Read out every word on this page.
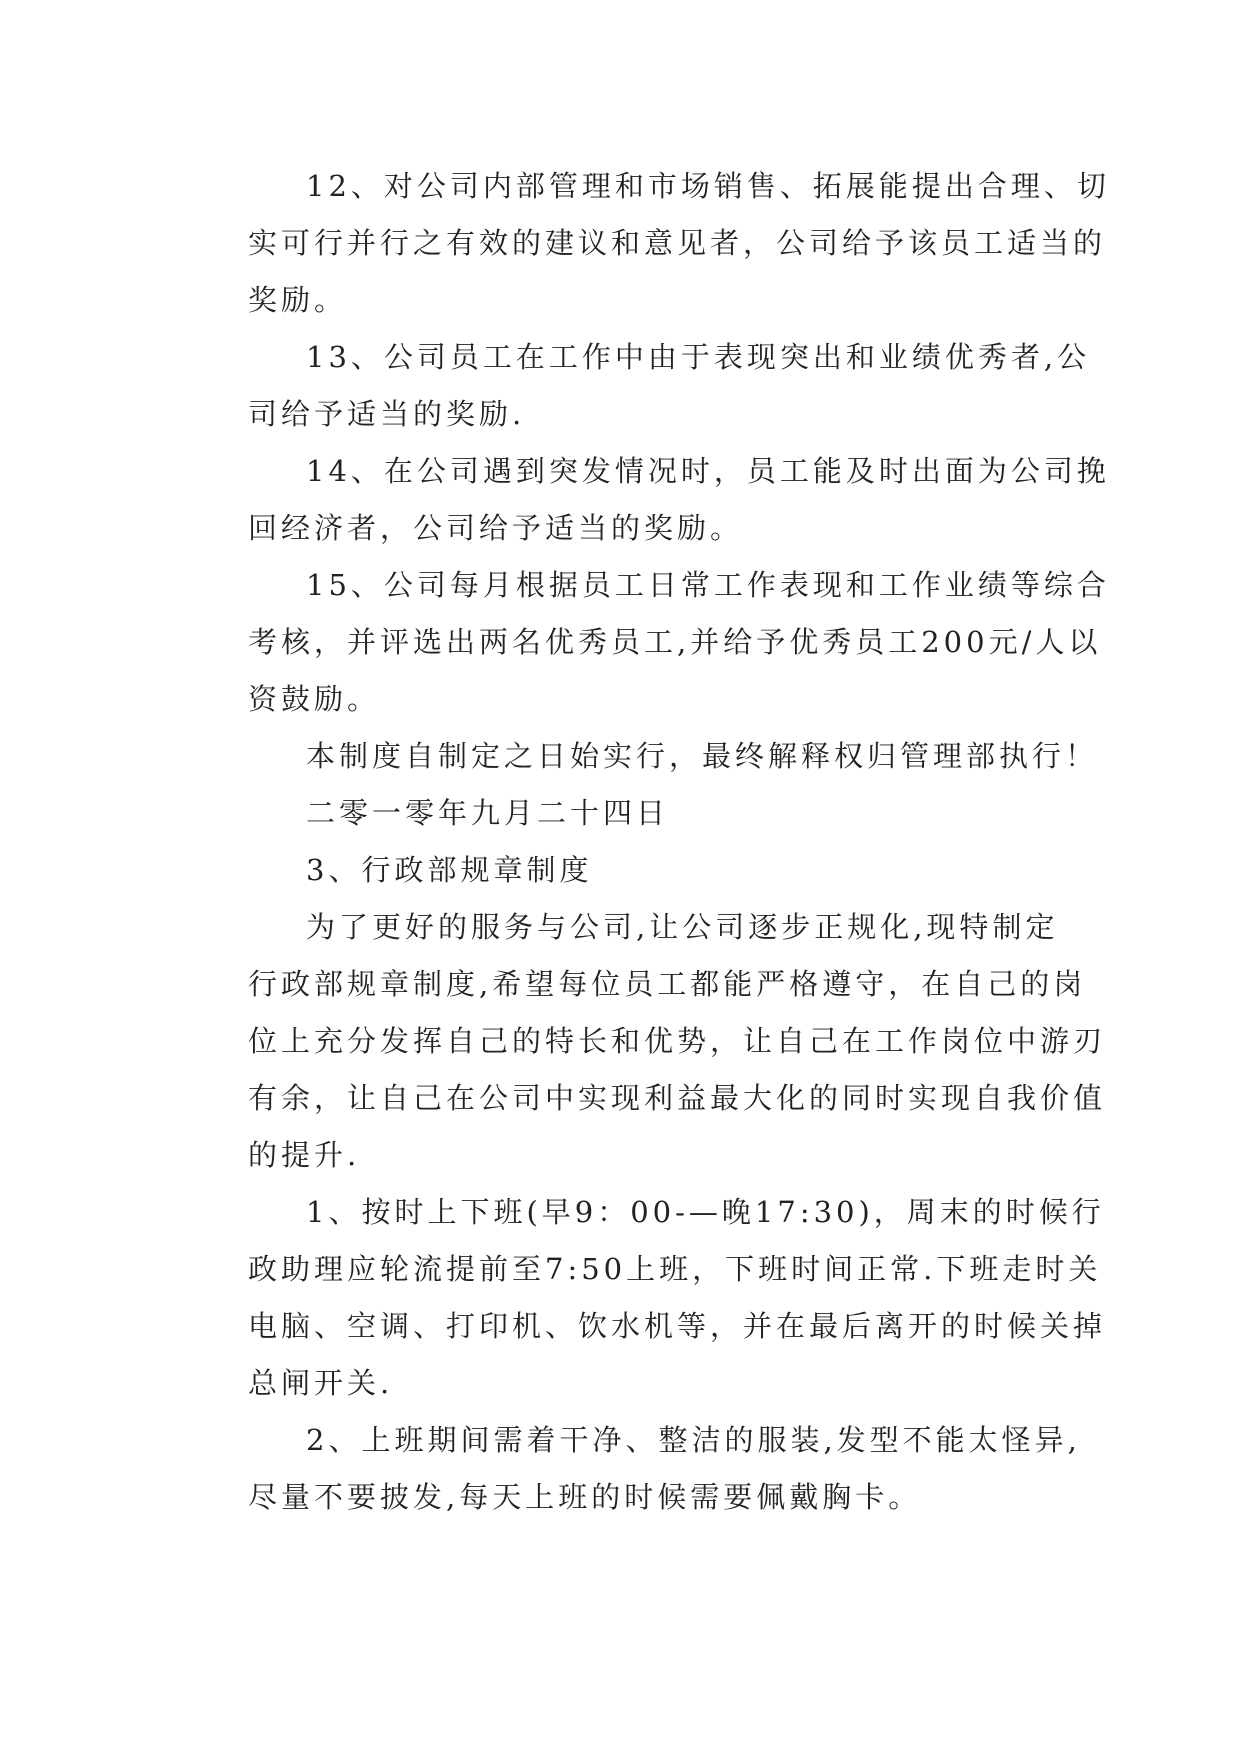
12、对公司内部管理和市场销售、拓展能提出合理、切
实可行并行之有效的建议和意见者，公司给予该员工适当的
奖励。
13、公司员工在工作中由于表现突出和业绩优秀者,公
司给予适当的奖励.
14、在公司遇到突发情况时，员工能及时出面为公司挽
回经济者，公司给予适当的奖励。
15、公司每月根据员工日常工作表现和工作业绩等综合
考核，并评选出两名优秀员工,并给予优秀员工200元/人以
资鼓励。
本制度自制定之日始实行，最终解释权归管理部执行！
二零一零年九月二十四日
3、行政部规章制度
为了更好的服务与公司,让公司逐步正规化,现特制定
行政部规章制度,希望每位员工都能严格遵守，在自己的岗
位上充分发挥自己的特长和优势，让自己在工作岗位中游刃
有余，让自己在公司中实现利益最大化的同时实现自我价值
的提升.
1、按时上下班(早9：00-—晚17:30)，周末的时候行
政助理应轮流提前至7:50上班，下班时间正常.下班走时关
电脑、空调、打印机、饮水机等，并在最后离开的时候关掉
总闸开关.
2、上班期间需着干净、整洁的服装,发型不能太怪异,
尽量不要披发,每天上班的时候需要佩戴胸卡。
